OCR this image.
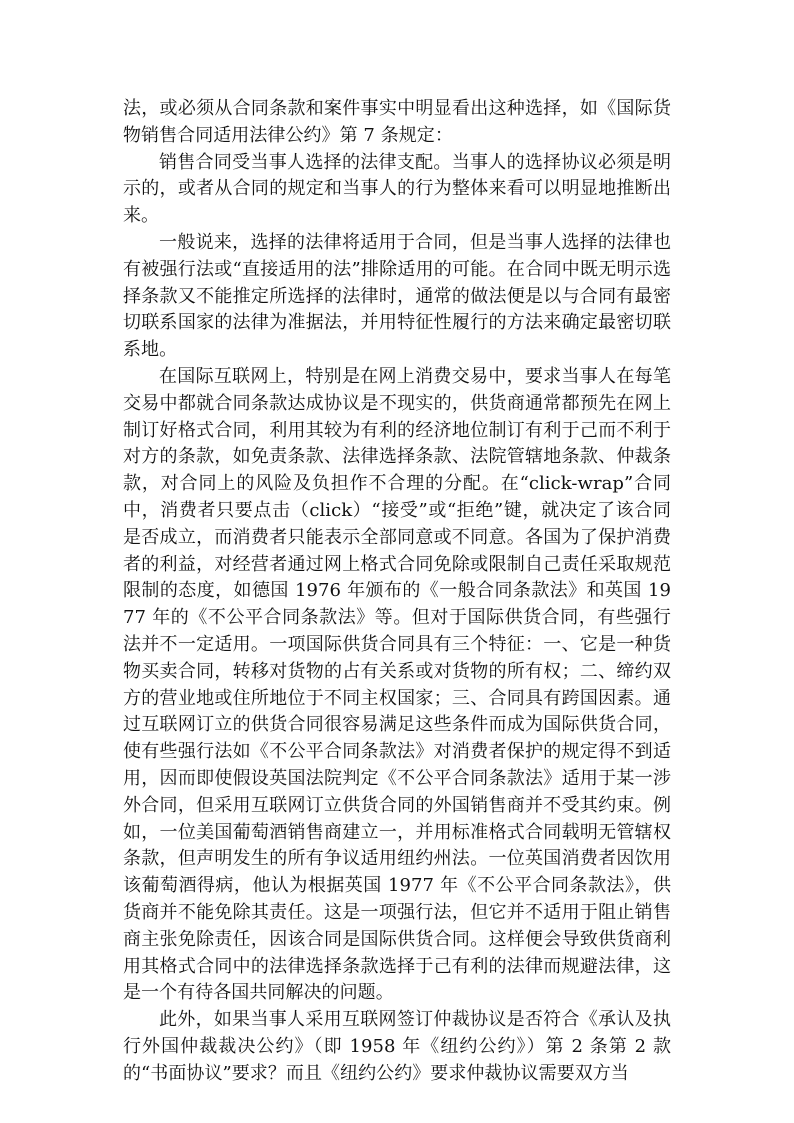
法，或必须从合同条款和案件事实中明显看出这种选择，如《国际货物销售合同适用法律公约》第 7 条规定：

销售合同受当事人选择的法律支配。当事人的选择协议必须是明示的，或者从合同的规定和当事人的行为整体来看可以明显地推断出来。

一般说来，选择的法律将适用于合同，但是当事人选择的法律也有被强行法或“直接适用的法”排除适用的可能。在合同中既无明示选择条款又不能推定所选择的法律时，通常的做法便是以与合同有最密切联系国家的法律为准据法，并用特征性履行的方法来确定最密切联系地。

在国际互联网上，特别是在网上消费交易中，要求当事人在每笔交易中都就合同条款达成协议是不现实的，供货商通常都预先在网上制订好格式合同，利用其较为有利的经济地位制订有利于己而不利于对方的条款，如免责条款、法律选择条款、法院管辖地条款、仲裁条款，对合同上的风险及负担作不合理的分配。在“click-wrap”合同中，消费者只要点击（click）“接受”或“拒绝”键，就决定了该合同是否成立，而消费者只能表示全部同意或不同意。各国为了保护消费者的利益，对经营者通过网上格式合同免除或限制自己责任采取规范限制的态度，如德国 1976 年颁布的《一般合同条款法》和英国 1977 年的《不公平合同条款法》等。但对于国际供货合同，有些强行法并不一定适用。一项国际供货合同具有三个特征：一、它是一种货物买卖合同，转移对货物的占有关系或对货物的所有权；二、缔约双方的营业地或住所地位于不同主权国家；三、合同具有跨国因素。通过互联网订立的供货合同很容易满足这些条件而成为国际供货合同，使有些强行法如《不公平合同条款法》对消费者保护的规定得不到适用，因而即使假设英国法院判定《不公平合同条款法》适用于某一涉外合同，但采用互联网订立供货合同的外国销售商并不受其约束。例如，一位美国葡萄酒销售商建立一，并用标准格式合同载明无管辖权条款，但声明发生的所有争议适用纽约州法。一位英国消费者因饮用该葡萄酒得病，他认为根据英国 1977 年《不公平合同条款法》，供货商并不能免除其责任。这是一项强行法，但它并不适用于阻止销售商主张免除责任，因该合同是国际供货合同。这样便会导致供货商利用其格式合同中的法律选择条款选择于己有利的法律而规避法律，这是一个有待各国共同解决的问题。

此外，如果当事人采用互联网签订仲裁协议是否符合《承认及执行外国仲裁裁决公约》（即 1958 年《纽约公约》）第 2 条第 2 款的“书面协议”要求？而且《纽约公约》要求仲裁协议需要双方当
